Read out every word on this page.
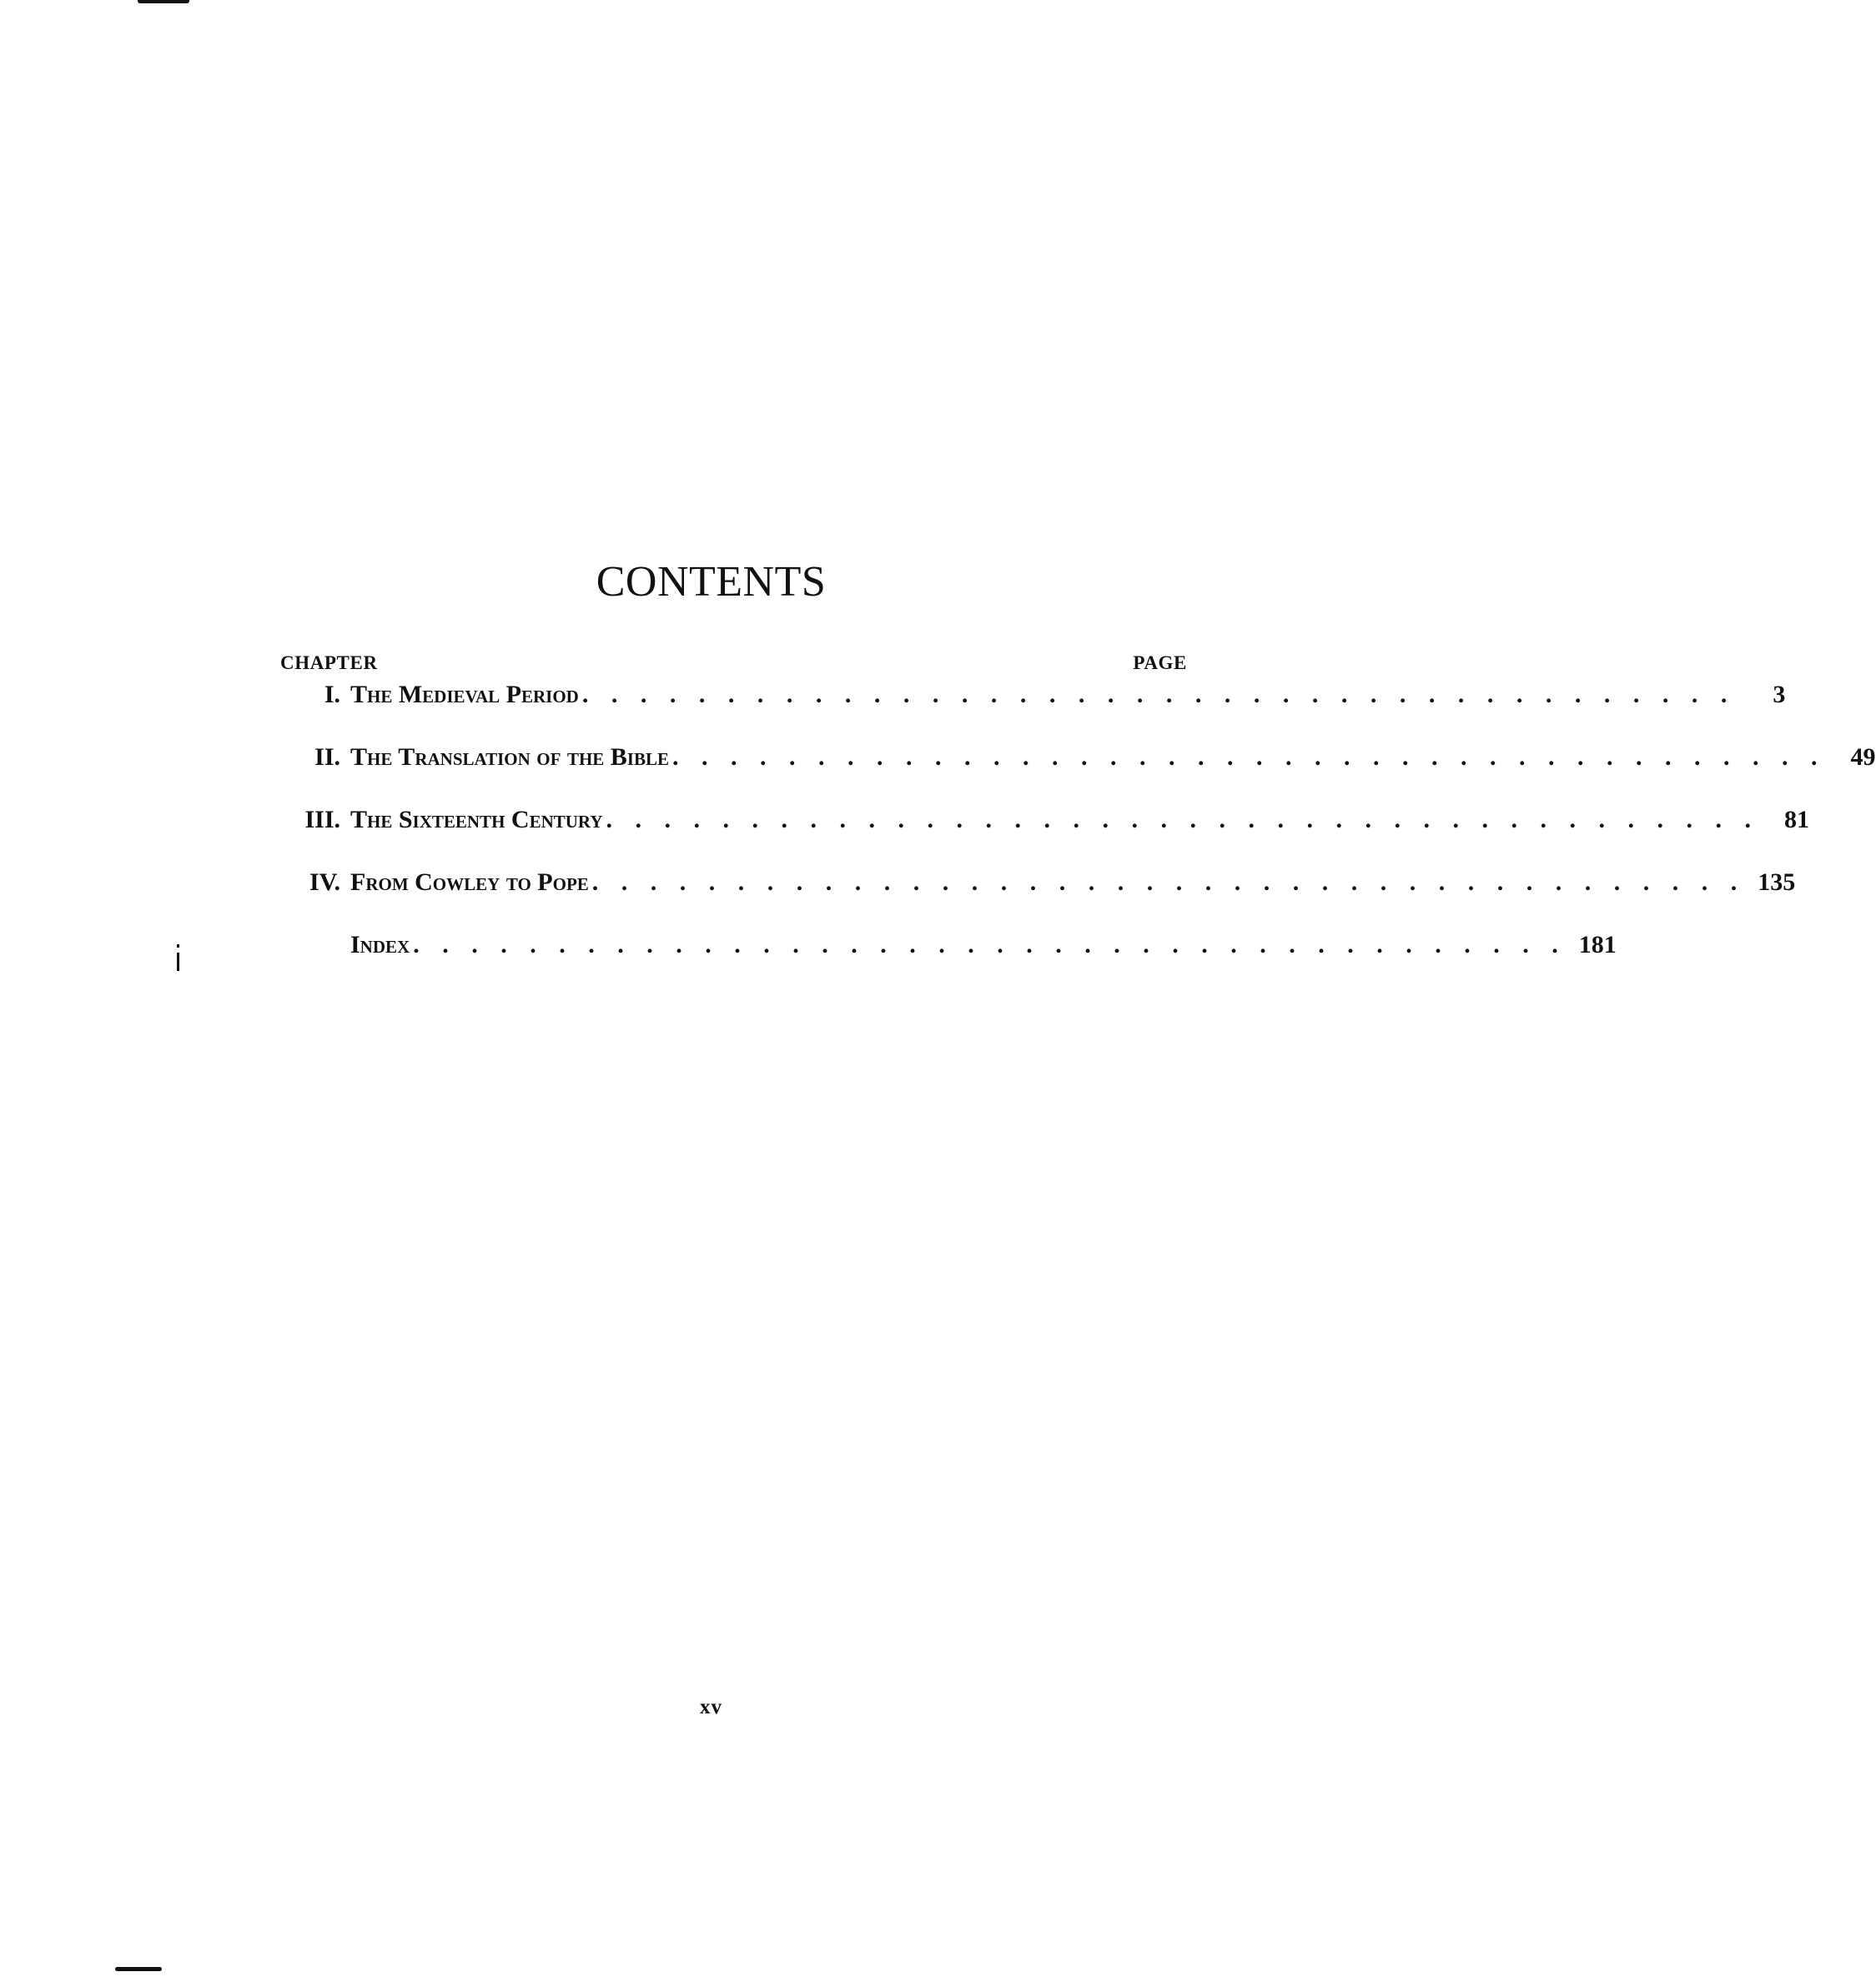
CONTENTS
CHAPTER	PAGE
I. The Medieval Period . . . . . . . . . . . . . . . . . . . . . . . . . . . . . . . . . . . . . . . .	3
II. The Translation of the Bible . . . . . . . . . . . . . . . . . . . . . . . . . . . . . . . . . . . . . . . .	49
III. The Sixteenth Century . . . . . . . . . . . . . . . . . . . . . . . . . . . . . . . . . . . . . . . .	81
IV. From Cowley to Pope . . . . . . . . . . . . . . . . . . . . . . . . . . . . . . . . . . . . . . . . 135
Index . . . . . . . . . . . . . . . . . . . . . . . . . . . . . . . . . . . . . . . . 181
xv
